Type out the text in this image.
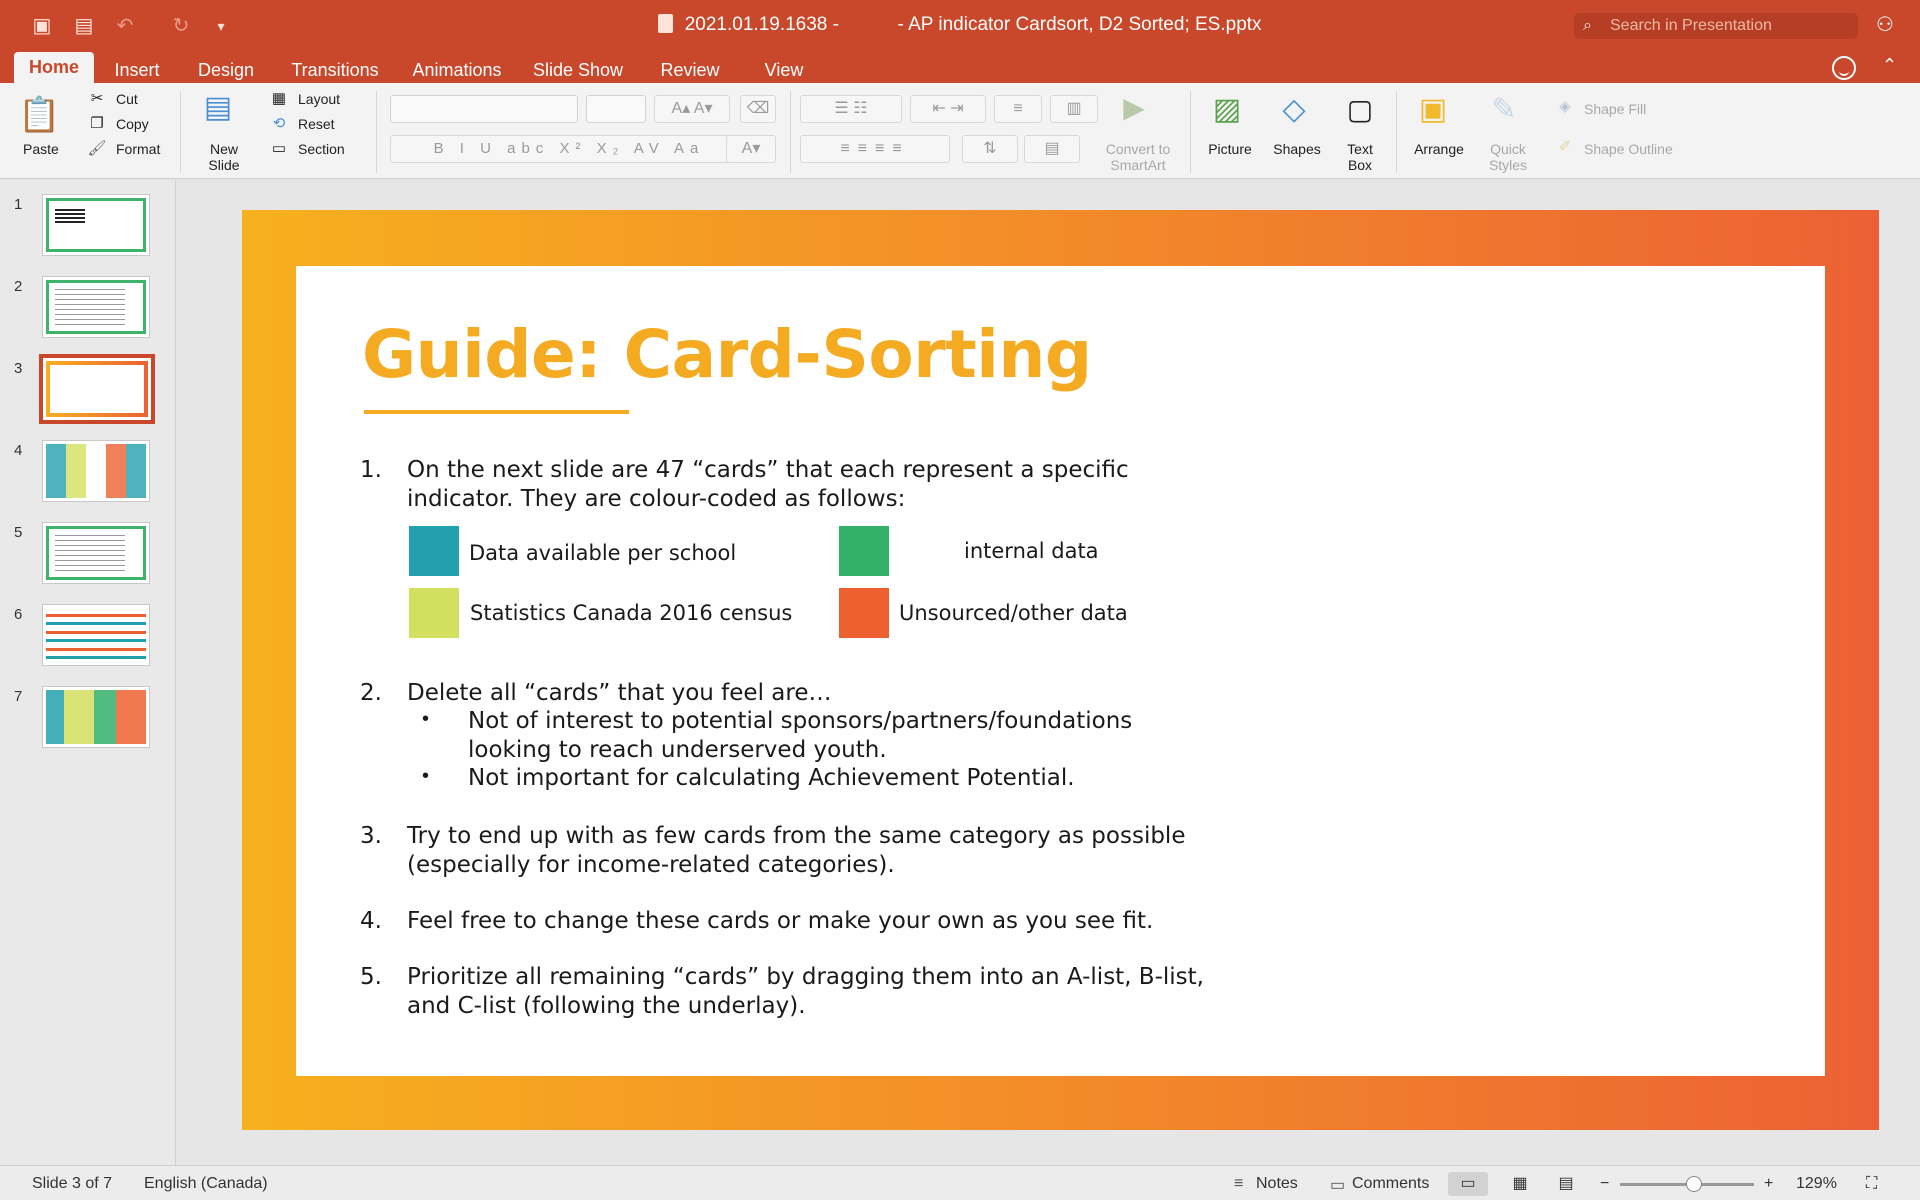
▣ ▤ ↶ ↻	▾	2021.01.19.1638 -	- AP indicator Cardsort, D2 Sorted; ES.pptx	⌕ Search in Presentation	⚇
Home	Insert	Design	Transitions	Animations	Slide Show	Review	View	⌃
📋
Paste
✂ Cut
❐ Copy
🖌 Format
▤
New
Slide
▦ Layout
⟲ Reset
▭ Section
A▴ A▾	⌫
B I U abc X² X₂ AV Aa	A▾
☰ ☷	⇤ ⇥	≡	▥
≡≡≡≡	⇅	▤
▶
Convert to
SmartArt
▨
Picture
◇
Shapes
▢
Text
Box
▣
Arrange
✎
Quick
Styles
◈ Shape Fill
✐ Shape Outline
1
2
3
4
5
6
7
Guide: Card-Sorting
1. On the next slide are 47 “cards” that each represent a specific
indicator. They are colour-coded as follows:
Data available per school	internal data
Statistics Canada 2016 census	Unsourced/other data
2. Delete all “cards” that you feel are…
• Not of interest to potential sponsors/partners/foundations
looking to reach underserved youth.
• Not important for calculating Achievement Potential.
3. Try to end up with as few cards from the same category as possible
(especially for income-related categories).
4. Feel free to change these cards or make your own as you see fit.
5. Prioritize all remaining “cards” by dragging them into an A-list, B-list,
and C-list (following the underlay).
Slide 3 of 7 English (Canada)	≡ Notes ▭ Comments	▭	▦ ▤ −	+ 129% ⛶
